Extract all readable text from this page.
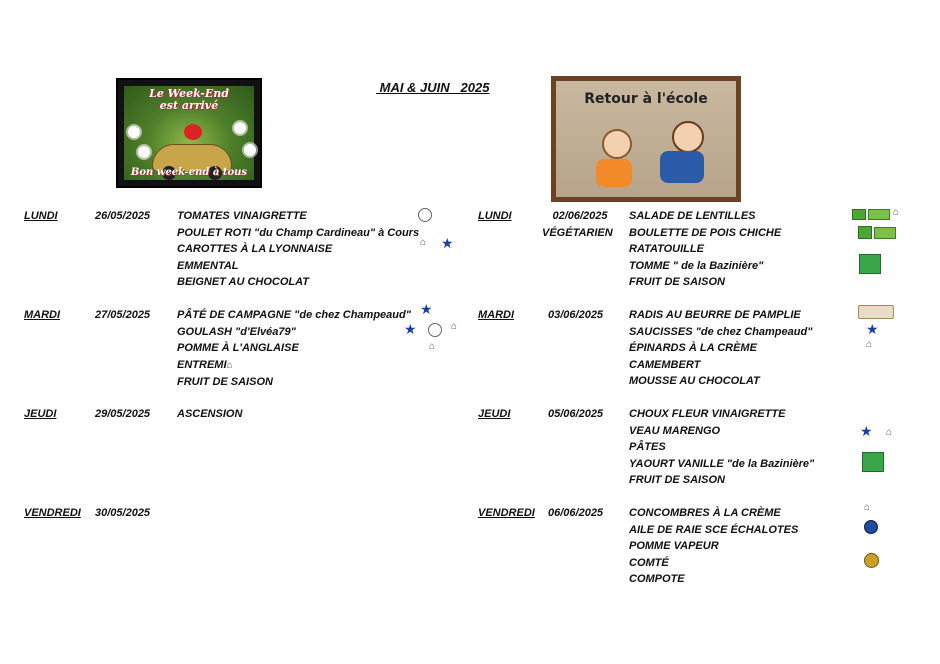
MAI & JUIN   2025
Le Week-End
est arrivé
Bon week-end à tous
Retour à l'école
LUNDI	26/05/2025 TOMATES VINAIGRETTE
POULET ROTI "du Champ Cardineau" à Cours
CAROTTES À LA LYONNAISE
EMMENTAL
BEIGNET AU CHOCOLAT
⌂ ★
MARDI	27/05/2025 PÂTÉ DE CAMPAGNE "de chez Champeaud"
GOULASH "d'Elvéa79"
POMME À L'ANGLAISE
ENTREMI⌂
FRUIT DE SAISON
★
★	⌂
⌂
JEUDI	29/05/2025 ASCENSION
VENDREDI 30/05/2025
LUNDI	02/06/2025
VÉGÉTARIEN
SALADE DE LENTILLES
BOULETTE DE POIS CHICHE
RATATOUILLE
TOMME " de la Bazinière"
FRUIT DE SAISON
⌂
MARDI	03/06/2025 RADIS AU BEURRE DE PAMPLIE
SAUCISSES "de chez Champeaud"
ÉPINARDS À LA CRÈME
CAMEMBERT
MOUSSE AU CHOCOLAT
★
⌂
JEUDI	05/06/2025 CHOUX FLEUR VINAIGRETTE
VEAU MARENGO
PÂTES
YAOURT VANILLE "de la Bazinière"
FRUIT DE SAISON
★ ⌂
VENDREDI 06/06/2025 CONCOMBRES À LA CRÈME
AILE DE RAIE SCE ÉCHALOTES
POMME VAPEUR
COMTÉ
COMPOTE
⌂
